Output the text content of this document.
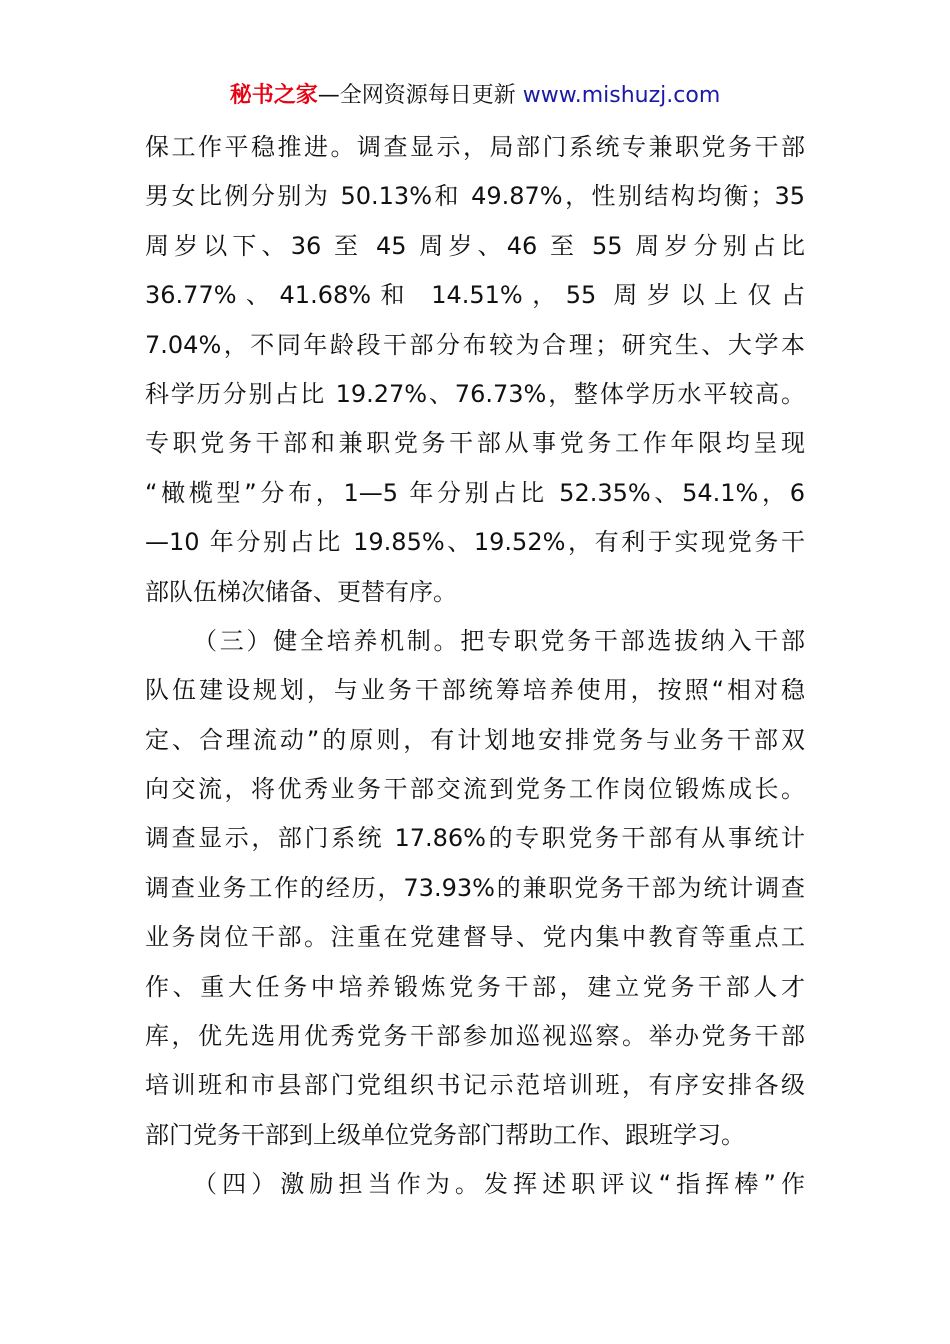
秘书之家—全网资源每日更新 www.mishuzj.com
保工作平稳推进。调查显示，局部门系统专兼职党务干部
男女比例分别为 50.13%和 49.87%，性别结构均衡；35
周岁以下、36 至 45 周岁、46 至 55 周岁分别占比
36.77%、41.68%和 14.51%，55 周岁以上仅占
7.04%，不同年龄段干部分布较为合理；研究生、大学本
科学历分别占比 19.27%、76.73%，整体学历水平较高。
专职党务干部和兼职党务干部从事党务工作年限均呈现
“橄榄型”分布，1—5 年分别占比 52.35%、54.1%，6
—10 年分别占比 19.85%、19.52%，有利于实现党务干
部队伍梯次储备、更替有序。
（三）健全培养机制。把专职党务干部选拔纳入干部
队伍建设规划，与业务干部统筹培养使用，按照“相对稳
定、合理流动”的原则，有计划地安排党务与业务干部双
向交流，将优秀业务干部交流到党务工作岗位锻炼成长。
调查显示，部门系统 17.86%的专职党务干部有从事统计
调查业务工作的经历，73.93%的兼职党务干部为统计调查
业务岗位干部。注重在党建督导、党内集中教育等重点工
作、重大任务中培养锻炼党务干部，建立党务干部人才
库，优先选用优秀党务干部参加巡视巡察。举办党务干部
培训班和市县部门党组织书记示范培训班，有序安排各级
部门党务干部到上级单位党务部门帮助工作、跟班学习。
（四）激励担当作为。发挥述职评议“指挥棒”作
